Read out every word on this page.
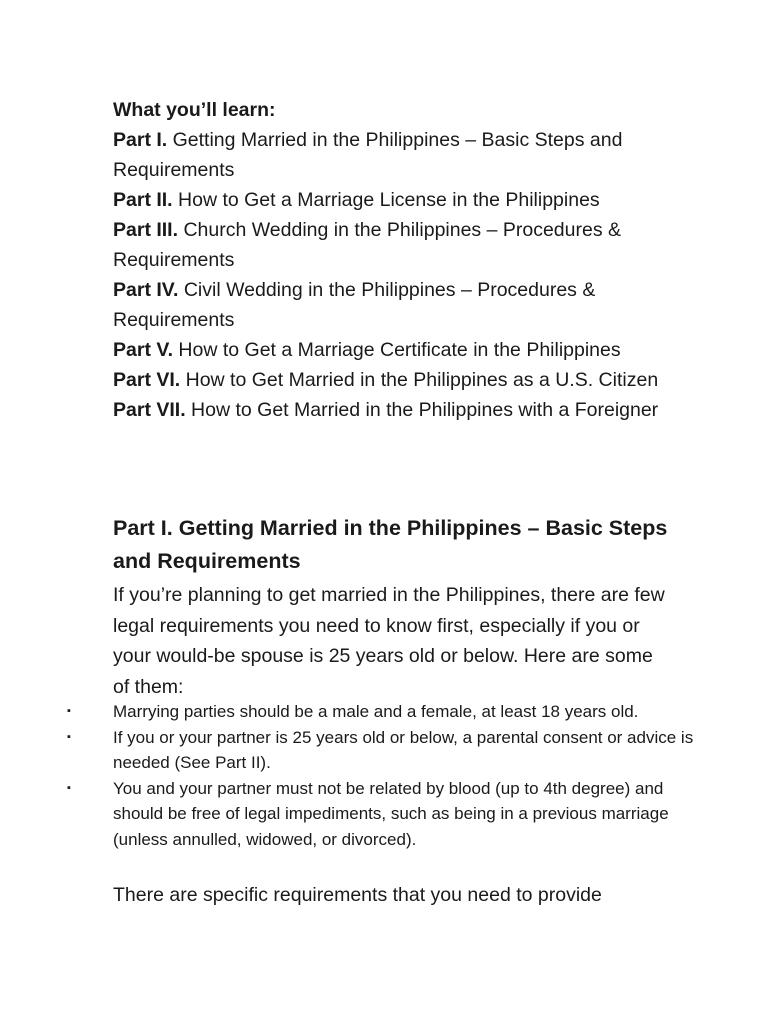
What you’ll learn:

Part I. Getting Married in the Philippines – Basic Steps and Requirements

Part II. How to Get a Marriage License in the Philippines

Part III. Church Wedding in the Philippines – Procedures & Requirements

Part IV. Civil Wedding in the Philippines – Procedures & Requirements

Part V. How to Get a Marriage Certificate in the Philippines

Part VI. How to Get Married in the Philippines as a U.S. Citizen

Part VII. How to Get Married in the Philippines with a Foreigner

Part I. Getting Married in the Philippines – Basic Steps and Requirements

If you’re planning to get married in the Philippines, there are few legal requirements you need to know first, especially if you or your would-be spouse is 25 years old or below. Here are some of them:

▪ Marrying parties should be a male and a female, at least 18 years old.
▪ If you or your partner is 25 years old or below, a parental consent or advice is needed (See Part II).
▪ You and your partner must not be related by blood (up to 4th degree) and should be free of legal impediments, such as being in a previous marriage (unless annulled, widowed, or divorced).

There are specific requirements that you need to provide
